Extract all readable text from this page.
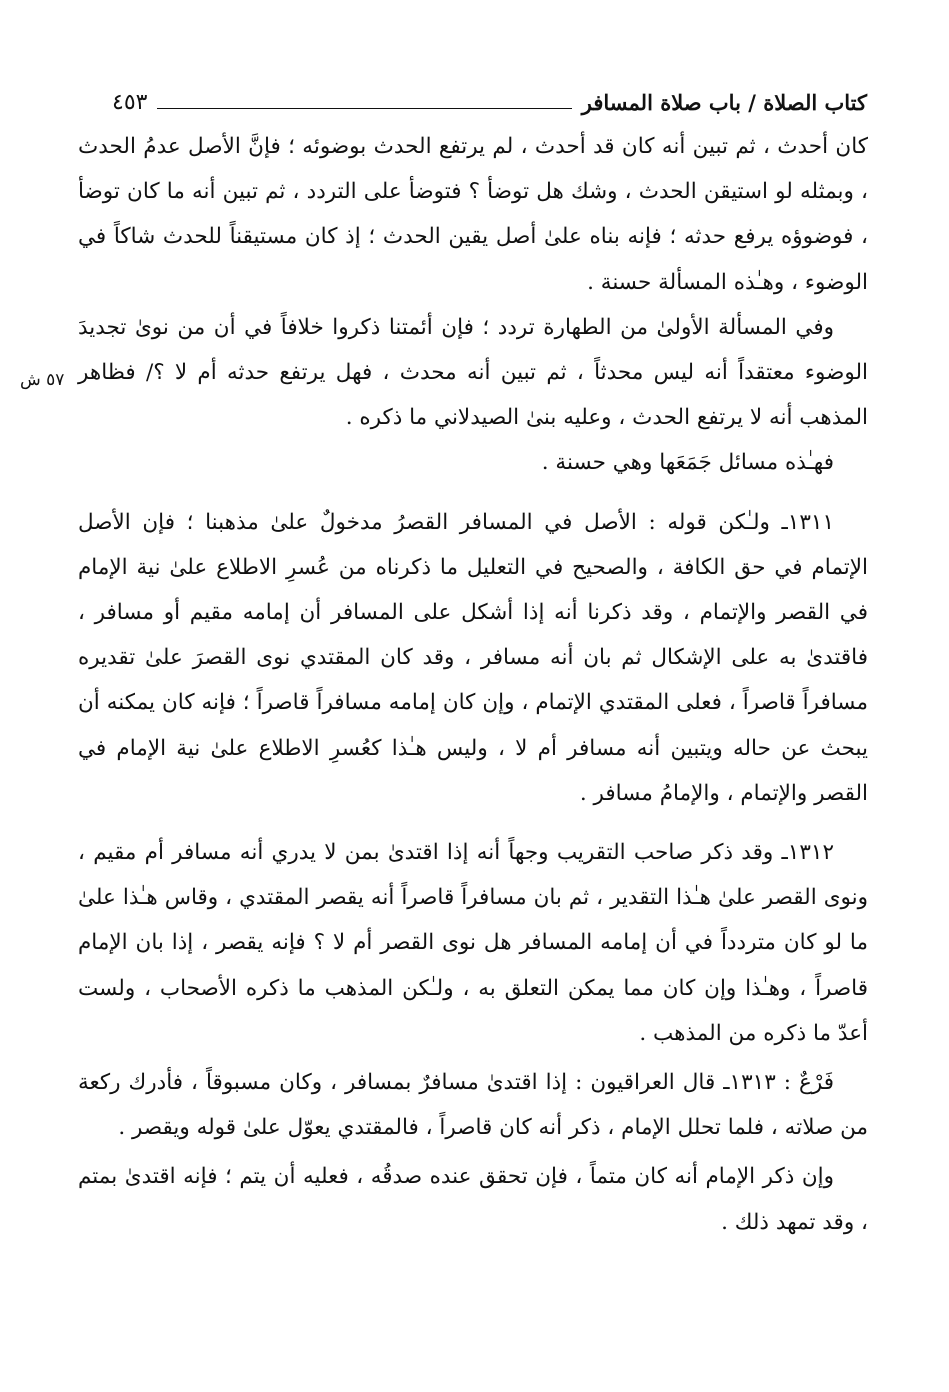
كتاب الصلاة / باب صلاة المسافر
٤٥٣
٥٧ ش

كان أحدث ، ثم تبين أنه كان قد أحدث ، لم يرتفع الحدث بوضوئه ؛ فإنَّ الأصل عدمُ الحدث ، وبمثله لو استيقن الحدث ، وشك هل توضأ ؟ فتوضأ على التردد ، ثم تبين أنه ما كان توضأ ، فوضوؤه يرفع حدثه ؛ فإنه بناه علىٰ أصل يقين الحدث ؛ إذ كان مستيقناً للحدث شاكاً في الوضوء ، وهـٰذه المسألة حسنة .

وفي المسألة الأولىٰ من الطهارة تردد ؛ فإن أئمتنا ذكروا خلافاً في أن من نوىٰ تجديدَ الوضوء معتقداً أنه ليس محدثاً ، ثم تبين أنه محدث ، فهل يرتفع حدثه أم لا ؟/ فظاهر المذهب أنه لا يرتفع الحدث ، وعليه بنىٰ الصيدلاني ما ذكره .

فهـٰذه مسائل جَمَعَها وهي حسنة .

١٣١١ـ ولـٰكن قوله : الأصل في المسافر القصرُ مدخولٌ علىٰ مذهبنا ؛ فإن الأصل الإتمام في حق الكافة ، والصحيح في التعليل ما ذكرناه من عُسرِ الاطلاع علىٰ نية الإمام في القصر والإتمام ، وقد ذكرنا أنه إذا أشكل على المسافر أن إمامه مقيم أو مسافر ، فاقتدىٰ به على الإشكال ثم بان أنه مسافر ، وقد كان المقتدي نوى القصرَ علىٰ تقديره مسافراً قاصراً ، فعلى المقتدي الإتمام ، وإن كان إمامه مسافراً قاصراً ؛ فإنه كان يمكنه أن يبحث عن حاله ويتبين أنه مسافر أم لا ، وليس هـٰذا كعُسرِ الاطلاع علىٰ نية الإمام في القصر والإتمام ، والإمامُ مسافر .

١٣١٢ـ وقد ذكر صاحب التقريب وجهاً أنه إذا اقتدىٰ بمن لا يدري أنه مسافر أم مقيم ، ونوى القصر علىٰ هـٰذا التقدير ، ثم بان مسافراً قاصراً أنه يقصر المقتدي ، وقاس هـٰذا علىٰ ما لو كان متردداً في أن إمامه المسافر هل نوى القصر أم لا ؟ فإنه يقصر ، إذا بان الإمام قاصراً ، وهـٰذا وإن كان مما يمكن التعلق به ، ولـٰكن المذهب ما ذكره الأصحاب ، ولست أعدّ ما ذكره من المذهب .

فَرْعٌ : ١٣١٣ـ قال العراقيون : إذا اقتدىٰ مسافرٌ بمسافر ، وكان مسبوقاً ، فأدرك ركعة من صلاته ، فلما تحلل الإمام ، ذكر أنه كان قاصراً ، فالمقتدي يعوّل علىٰ قوله ويقصر .

وإن ذكر الإمام أنه كان متماً ، فإن تحقق عنده صدقُه ، فعليه أن يتم ؛ فإنه اقتدىٰ بمتم ، وقد تمهد ذلك .
